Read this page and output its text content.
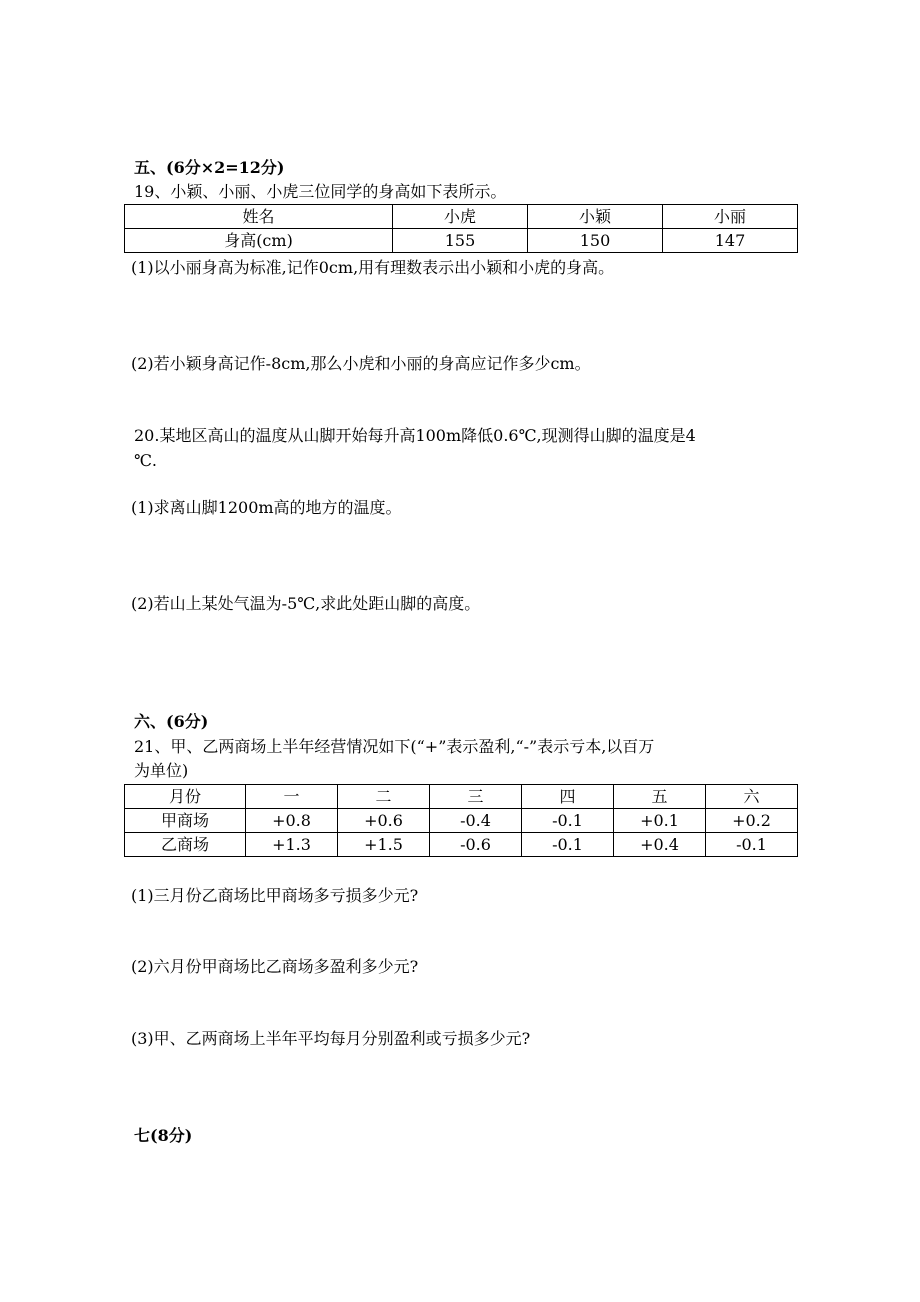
五、(6分×2=12分)
19、小颖、小丽、小虎三位同学的身高如下表所示。
姓名	小虎	小颖	小丽
身高(cm)	155	150	147
(1)以小丽身高为标准,记作0cm,用有理数表示出小颖和小虎的身高。
(2)若小颖身高记作-8cm,那么小虎和小丽的身高应记作多少cm。
20.某地区高山的温度从山脚开始每升高100m降低0.6℃,现测得山脚的温度是4
℃.
(1)求离山脚1200m高的地方的温度。
(2)若山上某处气温为-5℃,求此处距山脚的高度。
六、(6分)
21、甲、乙两商场上半年经营情况如下(“+”表示盈利,“-”表示亏本,以百万
为单位)
月份	一	二	三	四	五	六
甲商场	+0.8	+0.6	-0.4	-0.1	+0.1	+0.2
乙商场	+1.3	+1.5	-0.6	-0.1	+0.4	-0.1
(1)三月份乙商场比甲商场多亏损多少元?
(2)六月份甲商场比乙商场多盈利多少元?
(3)甲、乙两商场上半年平均每月分别盈利或亏损多少元?
七(8分)
